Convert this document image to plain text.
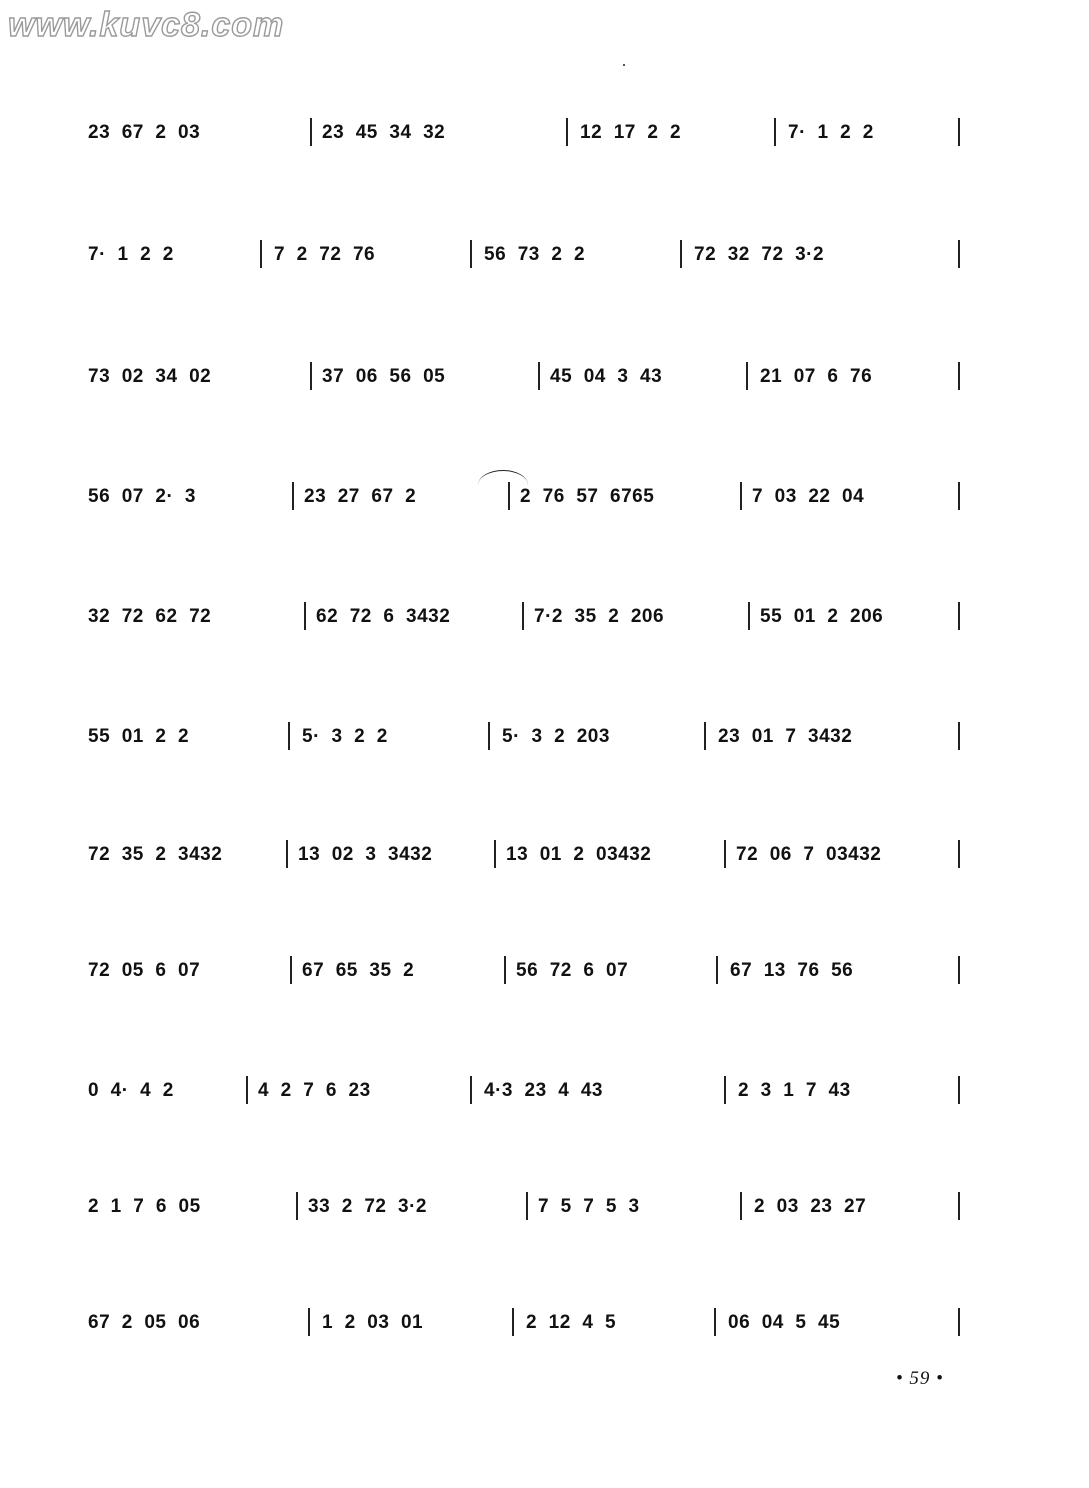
www.kuvc8.com
23  67  2  03	23  45  34  32	12  17  2  2	7·  1  2  2
7·  1  2  2	7  2  72  76	56  73  2  2	72  32  72  3·2
73  02  34  02	37  06  56  05	45  04  3  43	21  07  6  76
56  07  2·  3	23  27  67  2	2  76  57  6765	7  03  22  04
32  72  62  72	62  72  6  3432	7·2  35  2  206	55  01  2  206
55  01  2  2	5·  3  2  2	5·  3  2  203	23  01  7  3432
72  35  2  3432	13  02  3  3432	13  01  2  03432	72  06  7  03432
72  05  6  07	67  65  35  2	56  72  6  07	67  13  76  56
0  4·  4  2	4  2  7  6  23	4·3  23  4  43	2  3  1  7  43
2  1  7  6  05	33  2  72  3·2	7  5  7  5  3	2  03  23  27
67  2  05  06	1  2  03  01	2  12  4  5	06  04  5  45
• 59 •
